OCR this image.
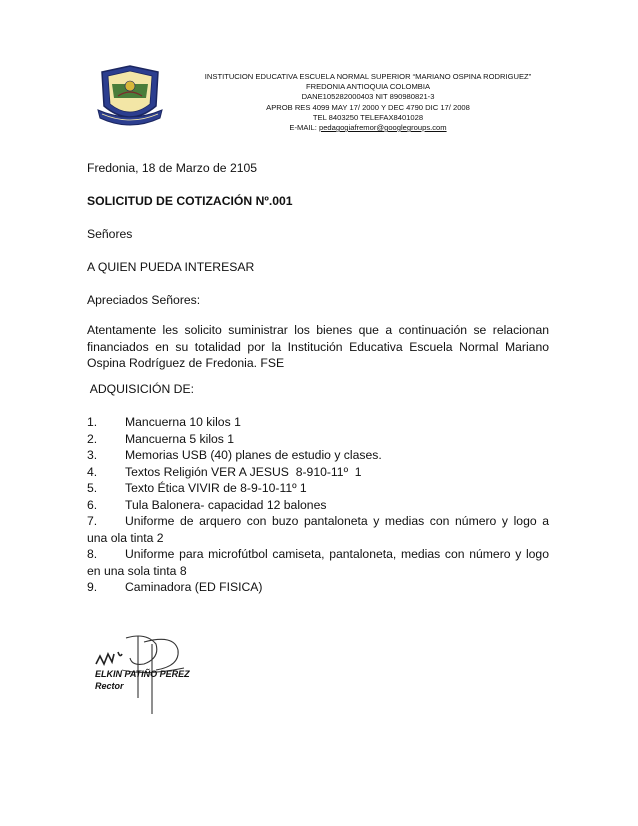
INSTITUCION EDUCATIVA ESCUELA NORMAL SUPERIOR “MARIANO OSPINA RODRIGUEZ”
FREDONIA ANTIOQUIA COLOMBIA
DANE105282000403 NIT 890980821-3
APROB RES 4099 MAY 17/ 2000 Y DEC 4790 DIC 17/ 2008
TEL 8403250 TELEFAX8401028
E-MAIL: pedagogiafremor@googlegroups.com
Fredonia, 18 de Marzo de 2105
SOLICITUD DE COTIZACIÓN Nº.001
Señores
A QUIEN PUEDA INTERESAR
Apreciados Señores:
Atentamente les solicito suministrar los bienes que a continuación se relacionan financiados en su totalidad por la Institución Educativa Escuela Normal Mariano Ospina Rodríguez de Fredonia. FSE
ADQUISICIÓN DE:
1.	Mancuerna 10 kilos 1
2.	Mancuerna 5 kilos 1
3.	Memorias USB (40) planes de estudio y clases.
4.	Textos Religión VER A JESUS  8-910-11º  1
5.	Texto Ética VIVIR de 8-9-10-11º 1
6.	Tula Balonera- capacidad 12 balones
7.	Uniforme de arquero con buzo pantaloneta y medias con número y logo a
una ola tinta 2
8.	Uniforme para microfútbol camiseta, pantaloneta, medias con número y logo
en una sola tinta 8
9.	Caminadora (ED FISICA)
ELKIN PATIÑO PEREZ
Rector
